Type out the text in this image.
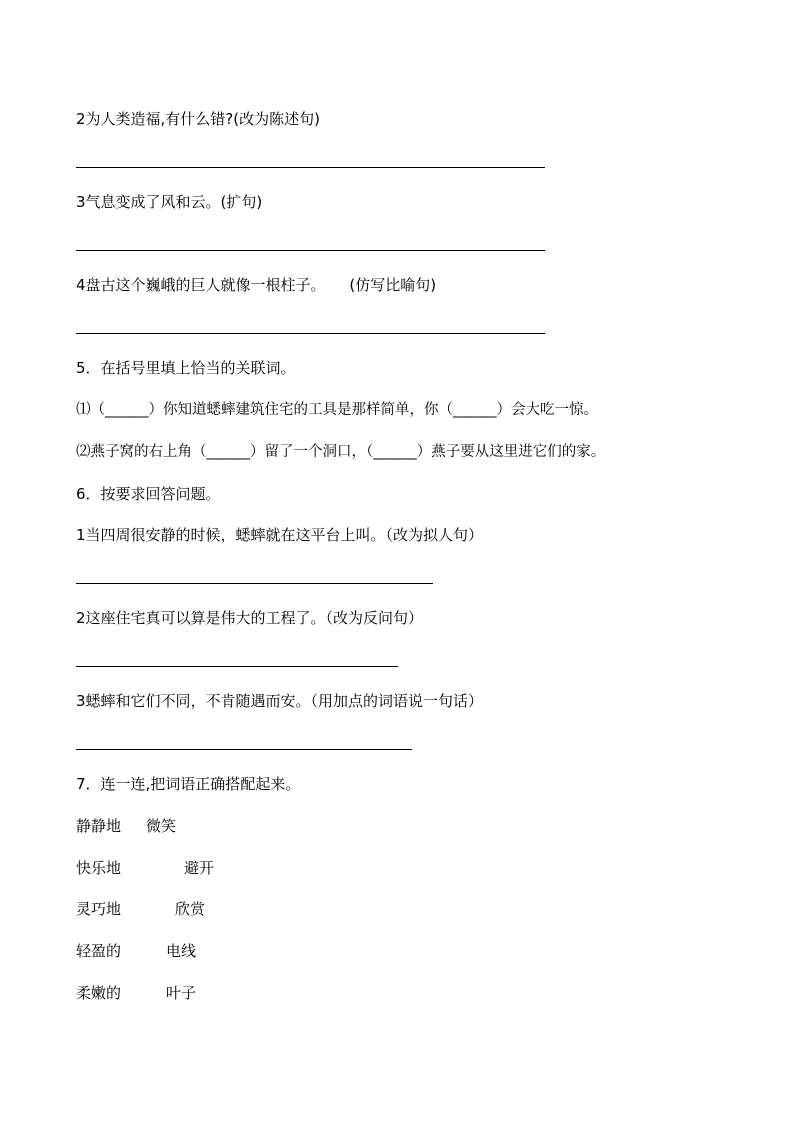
2为人类造福,有什么错?(改为陈述句)
3气息变成了风和云。(扩句)
4盘古这个巍峨的巨人就像一根柱子。     (仿写比喻句)
5．在括号里填上恰当的关联词。
⑴（______）你知道蟋蟀建筑住宅的工具是那样简单，你（______）会大吃一惊。
⑵燕子窝的右上角（______）留了一个洞口，（______）燕子要从这里进它们的家。
6．按要求回答问题。
1当四周很安静的时候，蟋蟀就在这平台上叫。（改为拟人句）
2这座住宅真可以算是伟大的工程了。（改为反问句）
3蟋蟀和它们不同，不肯随遇而安。（用加点的词语说一句话）
7．连一连,把词语正确搭配起来。
静静地 微笑
快乐地	避开
灵巧地	欣赏
轻盈的	电线
柔嫩的	叶子
